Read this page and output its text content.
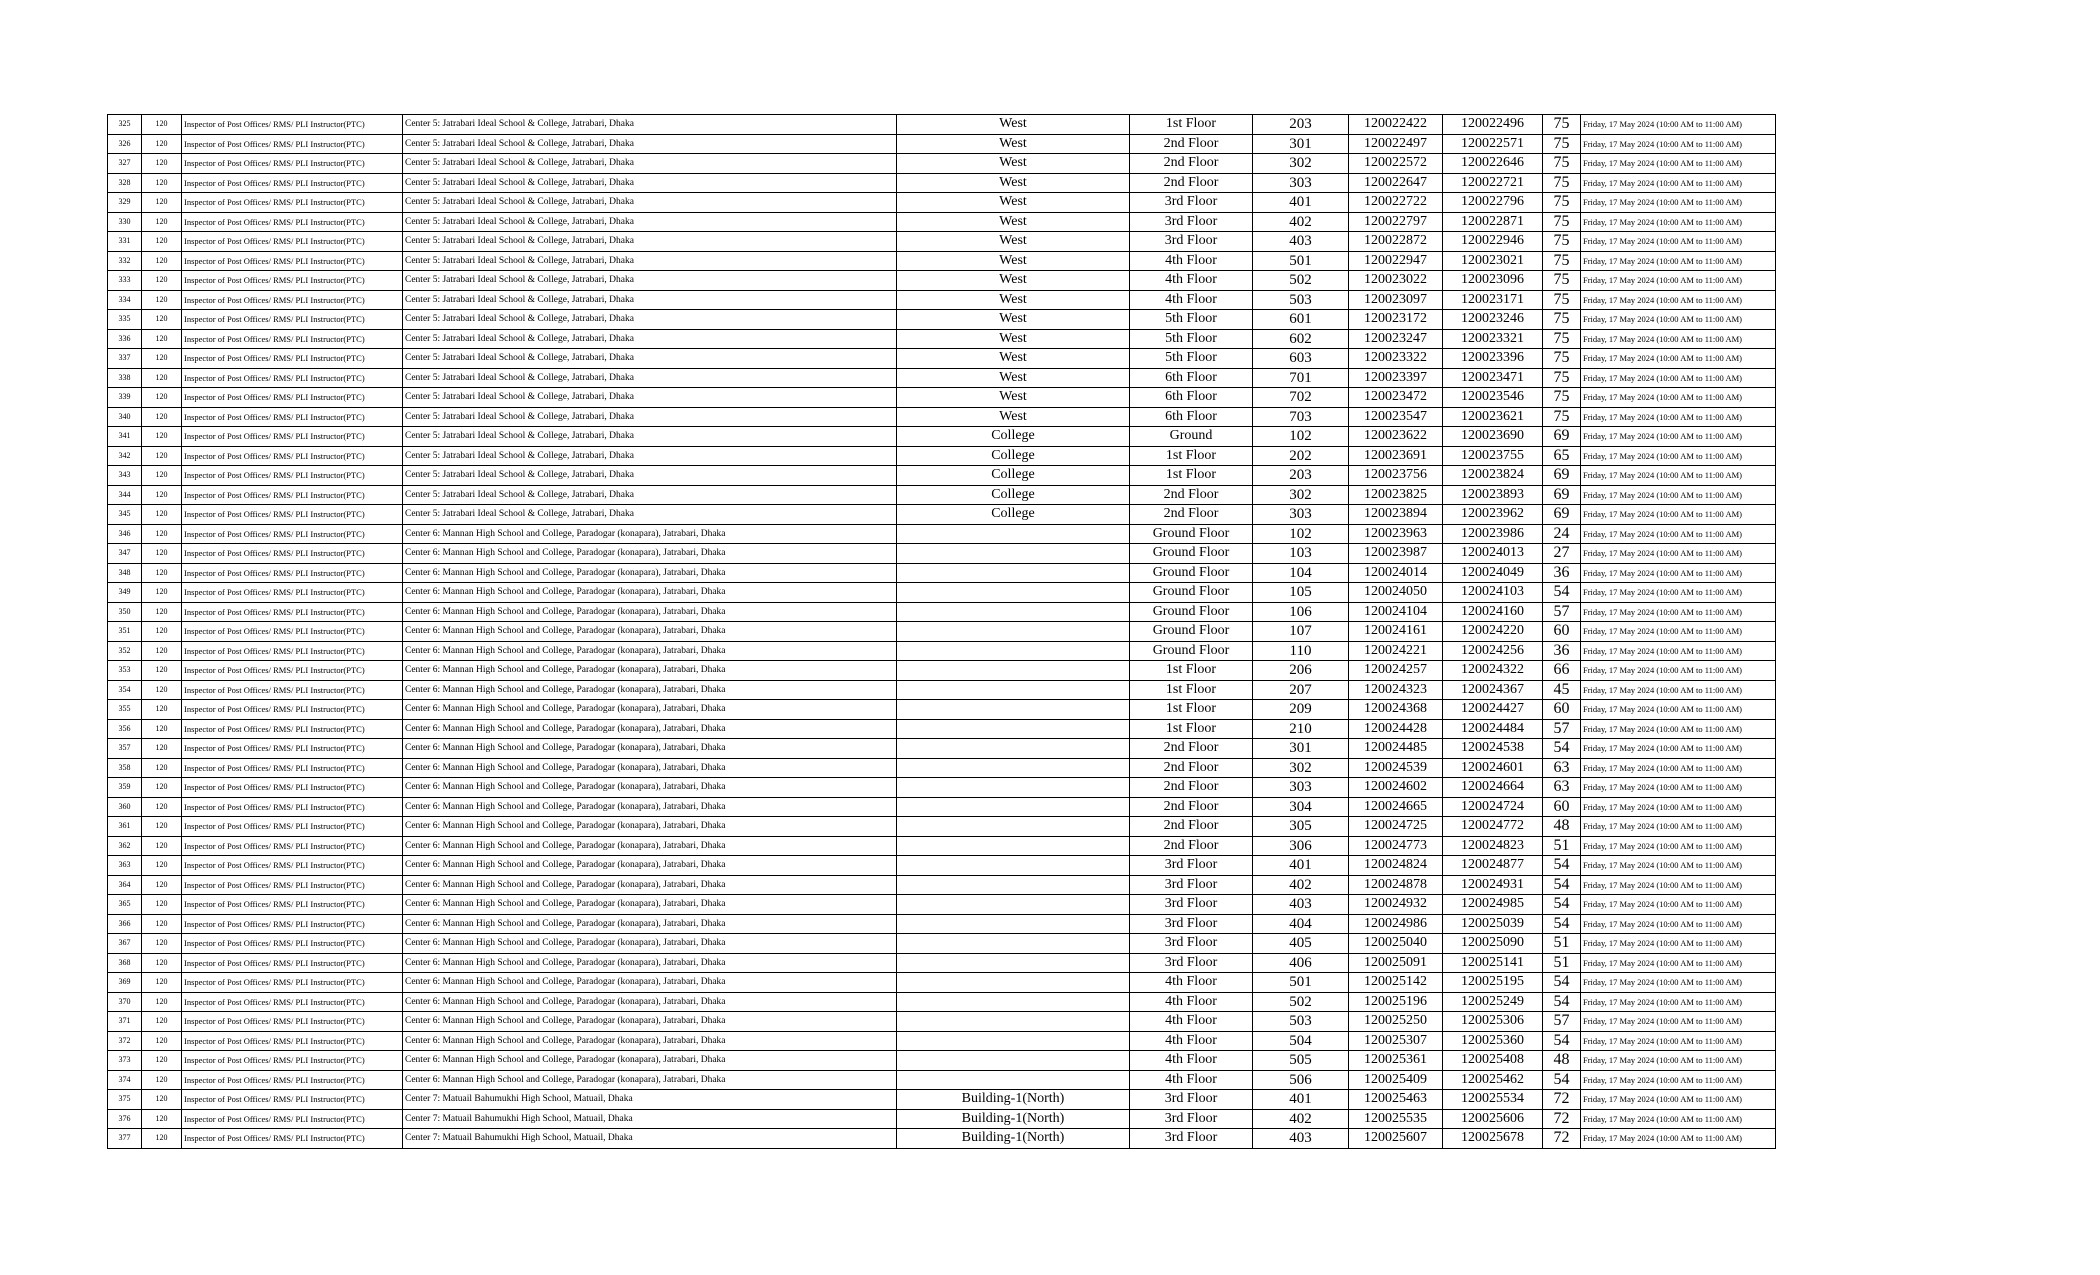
325	120	Inspector of Post Offices/ RMS/ PLI Instructor(PTC)	Center 5: Jatrabari Ideal School & College, Jatrabari, Dhaka	West	1st Floor	203	120022422	120022496	75	Friday, 17 May 2024 (10:00 AM to 11:00 AM)
326	120	Inspector of Post Offices/ RMS/ PLI Instructor(PTC)	Center 5: Jatrabari Ideal School & College, Jatrabari, Dhaka	West	2nd Floor	301	120022497	120022571	75	Friday, 17 May 2024 (10:00 AM to 11:00 AM)
327	120	Inspector of Post Offices/ RMS/ PLI Instructor(PTC)	Center 5: Jatrabari Ideal School & College, Jatrabari, Dhaka	West	2nd Floor	302	120022572	120022646	75	Friday, 17 May 2024 (10:00 AM to 11:00 AM)
328	120	Inspector of Post Offices/ RMS/ PLI Instructor(PTC)	Center 5: Jatrabari Ideal School & College, Jatrabari, Dhaka	West	2nd Floor	303	120022647	120022721	75	Friday, 17 May 2024 (10:00 AM to 11:00 AM)
329	120	Inspector of Post Offices/ RMS/ PLI Instructor(PTC)	Center 5: Jatrabari Ideal School & College, Jatrabari, Dhaka	West	3rd Floor	401	120022722	120022796	75	Friday, 17 May 2024 (10:00 AM to 11:00 AM)
330	120	Inspector of Post Offices/ RMS/ PLI Instructor(PTC)	Center 5: Jatrabari Ideal School & College, Jatrabari, Dhaka	West	3rd Floor	402	120022797	120022871	75	Friday, 17 May 2024 (10:00 AM to 11:00 AM)
331	120	Inspector of Post Offices/ RMS/ PLI Instructor(PTC)	Center 5: Jatrabari Ideal School & College, Jatrabari, Dhaka	West	3rd Floor	403	120022872	120022946	75	Friday, 17 May 2024 (10:00 AM to 11:00 AM)
332	120	Inspector of Post Offices/ RMS/ PLI Instructor(PTC)	Center 5: Jatrabari Ideal School & College, Jatrabari, Dhaka	West	4th Floor	501	120022947	120023021	75	Friday, 17 May 2024 (10:00 AM to 11:00 AM)
333	120	Inspector of Post Offices/ RMS/ PLI Instructor(PTC)	Center 5: Jatrabari Ideal School & College, Jatrabari, Dhaka	West	4th Floor	502	120023022	120023096	75	Friday, 17 May 2024 (10:00 AM to 11:00 AM)
334	120	Inspector of Post Offices/ RMS/ PLI Instructor(PTC)	Center 5: Jatrabari Ideal School & College, Jatrabari, Dhaka	West	4th Floor	503	120023097	120023171	75	Friday, 17 May 2024 (10:00 AM to 11:00 AM)
335	120	Inspector of Post Offices/ RMS/ PLI Instructor(PTC)	Center 5: Jatrabari Ideal School & College, Jatrabari, Dhaka	West	5th Floor	601	120023172	120023246	75	Friday, 17 May 2024 (10:00 AM to 11:00 AM)
336	120	Inspector of Post Offices/ RMS/ PLI Instructor(PTC)	Center 5: Jatrabari Ideal School & College, Jatrabari, Dhaka	West	5th Floor	602	120023247	120023321	75	Friday, 17 May 2024 (10:00 AM to 11:00 AM)
337	120	Inspector of Post Offices/ RMS/ PLI Instructor(PTC)	Center 5: Jatrabari Ideal School & College, Jatrabari, Dhaka	West	5th Floor	603	120023322	120023396	75	Friday, 17 May 2024 (10:00 AM to 11:00 AM)
338	120	Inspector of Post Offices/ RMS/ PLI Instructor(PTC)	Center 5: Jatrabari Ideal School & College, Jatrabari, Dhaka	West	6th Floor	701	120023397	120023471	75	Friday, 17 May 2024 (10:00 AM to 11:00 AM)
339	120	Inspector of Post Offices/ RMS/ PLI Instructor(PTC)	Center 5: Jatrabari Ideal School & College, Jatrabari, Dhaka	West	6th Floor	702	120023472	120023546	75	Friday, 17 May 2024 (10:00 AM to 11:00 AM)
340	120	Inspector of Post Offices/ RMS/ PLI Instructor(PTC)	Center 5: Jatrabari Ideal School & College, Jatrabari, Dhaka	West	6th Floor	703	120023547	120023621	75	Friday, 17 May 2024 (10:00 AM to 11:00 AM)
341	120	Inspector of Post Offices/ RMS/ PLI Instructor(PTC)	Center 5: Jatrabari Ideal School & College, Jatrabari, Dhaka	College	Ground	102	120023622	120023690	69	Friday, 17 May 2024 (10:00 AM to 11:00 AM)
342	120	Inspector of Post Offices/ RMS/ PLI Instructor(PTC)	Center 5: Jatrabari Ideal School & College, Jatrabari, Dhaka	College	1st Floor	202	120023691	120023755	65	Friday, 17 May 2024 (10:00 AM to 11:00 AM)
343	120	Inspector of Post Offices/ RMS/ PLI Instructor(PTC)	Center 5: Jatrabari Ideal School & College, Jatrabari, Dhaka	College	1st Floor	203	120023756	120023824	69	Friday, 17 May 2024 (10:00 AM to 11:00 AM)
344	120	Inspector of Post Offices/ RMS/ PLI Instructor(PTC)	Center 5: Jatrabari Ideal School & College, Jatrabari, Dhaka	College	2nd Floor	302	120023825	120023893	69	Friday, 17 May 2024 (10:00 AM to 11:00 AM)
345	120	Inspector of Post Offices/ RMS/ PLI Instructor(PTC)	Center 5: Jatrabari Ideal School & College, Jatrabari, Dhaka	College	2nd Floor	303	120023894	120023962	69	Friday, 17 May 2024 (10:00 AM to 11:00 AM)
346	120	Inspector of Post Offices/ RMS/ PLI Instructor(PTC)	Center 6: Mannan High School and College, Paradogar (konapara), Jatrabari, Dhaka		Ground Floor	102	120023963	120023986	24	Friday, 17 May 2024 (10:00 AM to 11:00 AM)
347	120	Inspector of Post Offices/ RMS/ PLI Instructor(PTC)	Center 6: Mannan High School and College, Paradogar (konapara), Jatrabari, Dhaka		Ground Floor	103	120023987	120024013	27	Friday, 17 May 2024 (10:00 AM to 11:00 AM)
348	120	Inspector of Post Offices/ RMS/ PLI Instructor(PTC)	Center 6: Mannan High School and College, Paradogar (konapara), Jatrabari, Dhaka		Ground Floor	104	120024014	120024049	36	Friday, 17 May 2024 (10:00 AM to 11:00 AM)
349	120	Inspector of Post Offices/ RMS/ PLI Instructor(PTC)	Center 6: Mannan High School and College, Paradogar (konapara), Jatrabari, Dhaka		Ground Floor	105	120024050	120024103	54	Friday, 17 May 2024 (10:00 AM to 11:00 AM)
350	120	Inspector of Post Offices/ RMS/ PLI Instructor(PTC)	Center 6: Mannan High School and College, Paradogar (konapara), Jatrabari, Dhaka		Ground Floor	106	120024104	120024160	57	Friday, 17 May 2024 (10:00 AM to 11:00 AM)
351	120	Inspector of Post Offices/ RMS/ PLI Instructor(PTC)	Center 6: Mannan High School and College, Paradogar (konapara), Jatrabari, Dhaka		Ground Floor	107	120024161	120024220	60	Friday, 17 May 2024 (10:00 AM to 11:00 AM)
352	120	Inspector of Post Offices/ RMS/ PLI Instructor(PTC)	Center 6: Mannan High School and College, Paradogar (konapara), Jatrabari, Dhaka		Ground Floor	110	120024221	120024256	36	Friday, 17 May 2024 (10:00 AM to 11:00 AM)
353	120	Inspector of Post Offices/ RMS/ PLI Instructor(PTC)	Center 6: Mannan High School and College, Paradogar (konapara), Jatrabari, Dhaka		1st Floor	206	120024257	120024322	66	Friday, 17 May 2024 (10:00 AM to 11:00 AM)
354	120	Inspector of Post Offices/ RMS/ PLI Instructor(PTC)	Center 6: Mannan High School and College, Paradogar (konapara), Jatrabari, Dhaka		1st Floor	207	120024323	120024367	45	Friday, 17 May 2024 (10:00 AM to 11:00 AM)
355	120	Inspector of Post Offices/ RMS/ PLI Instructor(PTC)	Center 6: Mannan High School and College, Paradogar (konapara), Jatrabari, Dhaka		1st Floor	209	120024368	120024427	60	Friday, 17 May 2024 (10:00 AM to 11:00 AM)
356	120	Inspector of Post Offices/ RMS/ PLI Instructor(PTC)	Center 6: Mannan High School and College, Paradogar (konapara), Jatrabari, Dhaka		1st Floor	210	120024428	120024484	57	Friday, 17 May 2024 (10:00 AM to 11:00 AM)
357	120	Inspector of Post Offices/ RMS/ PLI Instructor(PTC)	Center 6: Mannan High School and College, Paradogar (konapara), Jatrabari, Dhaka		2nd Floor	301	120024485	120024538	54	Friday, 17 May 2024 (10:00 AM to 11:00 AM)
358	120	Inspector of Post Offices/ RMS/ PLI Instructor(PTC)	Center 6: Mannan High School and College, Paradogar (konapara), Jatrabari, Dhaka		2nd Floor	302	120024539	120024601	63	Friday, 17 May 2024 (10:00 AM to 11:00 AM)
359	120	Inspector of Post Offices/ RMS/ PLI Instructor(PTC)	Center 6: Mannan High School and College, Paradogar (konapara), Jatrabari, Dhaka		2nd Floor	303	120024602	120024664	63	Friday, 17 May 2024 (10:00 AM to 11:00 AM)
360	120	Inspector of Post Offices/ RMS/ PLI Instructor(PTC)	Center 6: Mannan High School and College, Paradogar (konapara), Jatrabari, Dhaka		2nd Floor	304	120024665	120024724	60	Friday, 17 May 2024 (10:00 AM to 11:00 AM)
361	120	Inspector of Post Offices/ RMS/ PLI Instructor(PTC)	Center 6: Mannan High School and College, Paradogar (konapara), Jatrabari, Dhaka		2nd Floor	305	120024725	120024772	48	Friday, 17 May 2024 (10:00 AM to 11:00 AM)
362	120	Inspector of Post Offices/ RMS/ PLI Instructor(PTC)	Center 6: Mannan High School and College, Paradogar (konapara), Jatrabari, Dhaka		2nd Floor	306	120024773	120024823	51	Friday, 17 May 2024 (10:00 AM to 11:00 AM)
363	120	Inspector of Post Offices/ RMS/ PLI Instructor(PTC)	Center 6: Mannan High School and College, Paradogar (konapara), Jatrabari, Dhaka		3rd Floor	401	120024824	120024877	54	Friday, 17 May 2024 (10:00 AM to 11:00 AM)
364	120	Inspector of Post Offices/ RMS/ PLI Instructor(PTC)	Center 6: Mannan High School and College, Paradogar (konapara), Jatrabari, Dhaka		3rd Floor	402	120024878	120024931	54	Friday, 17 May 2024 (10:00 AM to 11:00 AM)
365	120	Inspector of Post Offices/ RMS/ PLI Instructor(PTC)	Center 6: Mannan High School and College, Paradogar (konapara), Jatrabari, Dhaka		3rd Floor	403	120024932	120024985	54	Friday, 17 May 2024 (10:00 AM to 11:00 AM)
366	120	Inspector of Post Offices/ RMS/ PLI Instructor(PTC)	Center 6: Mannan High School and College, Paradogar (konapara), Jatrabari, Dhaka		3rd Floor	404	120024986	120025039	54	Friday, 17 May 2024 (10:00 AM to 11:00 AM)
367	120	Inspector of Post Offices/ RMS/ PLI Instructor(PTC)	Center 6: Mannan High School and College, Paradogar (konapara), Jatrabari, Dhaka		3rd Floor	405	120025040	120025090	51	Friday, 17 May 2024 (10:00 AM to 11:00 AM)
368	120	Inspector of Post Offices/ RMS/ PLI Instructor(PTC)	Center 6: Mannan High School and College, Paradogar (konapara), Jatrabari, Dhaka		3rd Floor	406	120025091	120025141	51	Friday, 17 May 2024 (10:00 AM to 11:00 AM)
369	120	Inspector of Post Offices/ RMS/ PLI Instructor(PTC)	Center 6: Mannan High School and College, Paradogar (konapara), Jatrabari, Dhaka		4th Floor	501	120025142	120025195	54	Friday, 17 May 2024 (10:00 AM to 11:00 AM)
370	120	Inspector of Post Offices/ RMS/ PLI Instructor(PTC)	Center 6: Mannan High School and College, Paradogar (konapara), Jatrabari, Dhaka		4th Floor	502	120025196	120025249	54	Friday, 17 May 2024 (10:00 AM to 11:00 AM)
371	120	Inspector of Post Offices/ RMS/ PLI Instructor(PTC)	Center 6: Mannan High School and College, Paradogar (konapara), Jatrabari, Dhaka		4th Floor	503	120025250	120025306	57	Friday, 17 May 2024 (10:00 AM to 11:00 AM)
372	120	Inspector of Post Offices/ RMS/ PLI Instructor(PTC)	Center 6: Mannan High School and College, Paradogar (konapara), Jatrabari, Dhaka		4th Floor	504	120025307	120025360	54	Friday, 17 May 2024 (10:00 AM to 11:00 AM)
373	120	Inspector of Post Offices/ RMS/ PLI Instructor(PTC)	Center 6: Mannan High School and College, Paradogar (konapara), Jatrabari, Dhaka		4th Floor	505	120025361	120025408	48	Friday, 17 May 2024 (10:00 AM to 11:00 AM)
374	120	Inspector of Post Offices/ RMS/ PLI Instructor(PTC)	Center 6: Mannan High School and College, Paradogar (konapara), Jatrabari, Dhaka		4th Floor	506	120025409	120025462	54	Friday, 17 May 2024 (10:00 AM to 11:00 AM)
375	120	Inspector of Post Offices/ RMS/ PLI Instructor(PTC)	Center 7: Matuail Bahumukhi High School, Matuail, Dhaka	Building-1(North)	3rd Floor	401	120025463	120025534	72	Friday, 17 May 2024 (10:00 AM to 11:00 AM)
376	120	Inspector of Post Offices/ RMS/ PLI Instructor(PTC)	Center 7: Matuail Bahumukhi High School, Matuail, Dhaka	Building-1(North)	3rd Floor	402	120025535	120025606	72	Friday, 17 May 2024 (10:00 AM to 11:00 AM)
377	120	Inspector of Post Offices/ RMS/ PLI Instructor(PTC)	Center 7: Matuail Bahumukhi High School, Matuail, Dhaka	Building-1(North)	3rd Floor	403	120025607	120025678	72	Friday, 17 May 2024 (10:00 AM to 11:00 AM)
